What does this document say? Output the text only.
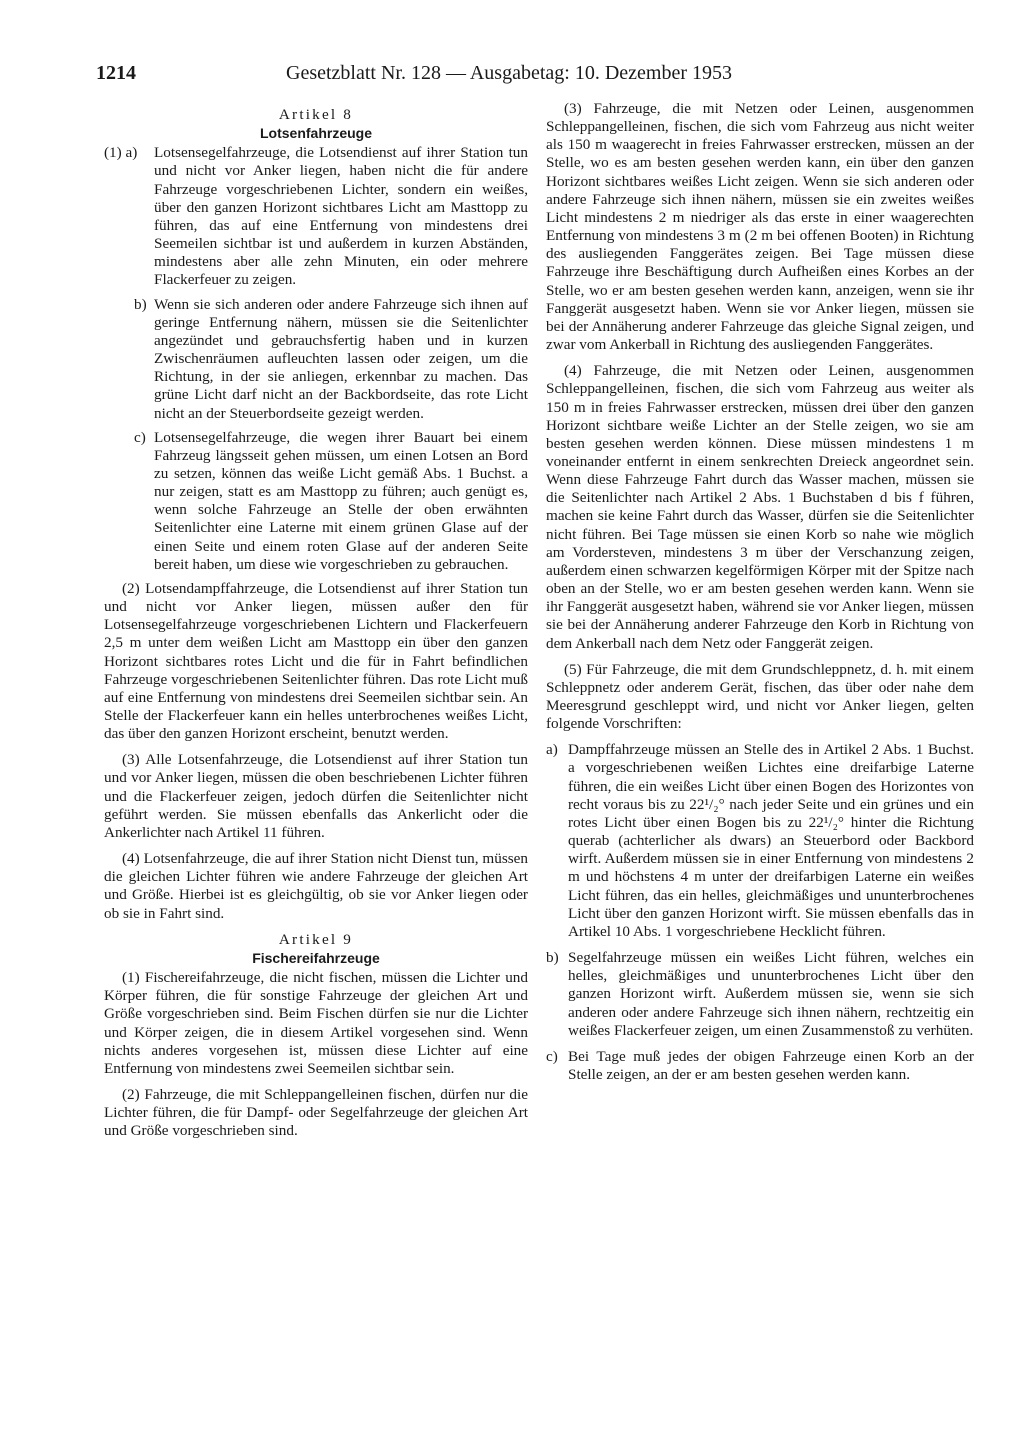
1214	Gesetzblatt Nr. 128 — Ausgabetag: 10. Dezember 1953
Artikel 8
Lotsenfahrzeuge
(1) a) Lotsensegelfahrzeuge, die Lotsendienst auf ihrer Station tun und nicht vor Anker liegen, haben nicht die für andere Fahrzeuge vorgeschriebenen Lichter, sondern ein weißes, über den ganzen Horizont sichtbares Licht am Masttopp zu führen, das auf eine Entfernung von mindestens drei Seemeilen sichtbar ist und außerdem in kurzen Abständen, mindestens aber alle zehn Minuten, ein oder mehrere Flackerfeuer zu zeigen.
b) Wenn sie sich anderen oder andere Fahrzeuge sich ihnen auf geringe Entfernung nähern, müssen sie die Seitenlichter angezündet und gebrauchsfertig haben und in kurzen Zwischenräumen aufleuchten lassen oder zeigen, um die Richtung, in der sie anliegen, erkennbar zu machen. Das grüne Licht darf nicht an der Backbordseite, das rote Licht nicht an der Steuerbordseite gezeigt werden.
c) Lotsensegelfahrzeuge, die wegen ihrer Bauart bei einem Fahrzeug längsseit gehen müssen, um einen Lotsen an Bord zu setzen, können das weiße Licht gemäß Abs. 1 Buchst. a nur zeigen, statt es am Masttopp zu führen; auch genügt es, wenn solche Fahrzeuge an Stelle der oben erwähnten Seitenlichter eine Laterne mit einem grünen Glase auf der einen Seite und einem roten Glase auf der anderen Seite bereit haben, um diese wie vorgeschrieben zu gebrauchen.

(2) Lotsendampffahrzeuge, die Lotsendienst auf ihrer Station tun und nicht vor Anker liegen, müssen außer den für Lotsensegelfahrzeuge vorgeschriebenen Lichtern und Flackerfeuern 2,5 m unter dem weißen Licht am Masttopp ein über den ganzen Horizont sichtbares rotes Licht und die für in Fahrt befindlichen Fahrzeuge vorgeschriebenen Seitenlichter führen. Das rote Licht muß auf eine Entfernung von mindestens drei Seemeilen sichtbar sein. An Stelle der Flackerfeuer kann ein helles unterbrochenes weißes Licht, das über den ganzen Horizont erscheint, benutzt werden.

(3) Alle Lotsenfahrzeuge, die Lotsendienst auf ihrer Station tun und vor Anker liegen, müssen die oben beschriebenen Lichter führen und die Flackerfeuer zeigen, jedoch dürfen die Seitenlichter nicht geführt werden. Sie müssen ebenfalls das Ankerlicht oder die Ankerlichter nach Artikel 11 führen.

(4) Lotsenfahrzeuge, die auf ihrer Station nicht Dienst tun, müssen die gleichen Lichter führen wie andere Fahrzeuge der gleichen Art und Größe. Hierbei ist es gleichgültig, ob sie vor Anker liegen oder ob sie in Fahrt sind.

Artikel 9
Fischereifahrzeuge

(1) Fischereifahrzeuge, die nicht fischen, müssen die Lichter und Körper führen, die für sonstige Fahrzeuge der gleichen Art und Größe vorgeschrieben sind. Beim Fischen dürfen sie nur die Lichter und Körper zeigen, die in diesem Artikel vorgesehen sind. Wenn nichts anderes vorgesehen ist, müssen diese Lichter auf eine Entfernung von mindestens zwei Seemeilen sichtbar sein.

(2) Fahrzeuge, die mit Schleppangelleinen fischen, dürfen nur die Lichter führen, die für Dampf- oder Segelfahrzeuge der gleichen Art und Größe vorgeschrieben sind.

(3) Fahrzeuge, die mit Netzen oder Leinen, ausgenommen Schleppangelleinen, fischen, die sich vom Fahrzeug aus nicht weiter als 150 m waagerecht in freies Fahrwasser erstrecken, müssen an der Stelle, wo es am besten gesehen werden kann, ein über den ganzen Horizont sichtbares weißes Licht zeigen. Wenn sie sich anderen oder andere Fahrzeuge sich ihnen nähern, müssen sie ein zweites weißes Licht mindestens 2 m niedriger als das erste in einer waagerechten Entfernung von mindestens 3 m (2 m bei offenen Booten) in Richtung des ausliegenden Fanggerätes zeigen. Bei Tage müssen diese Fahrzeuge ihre Beschäftigung durch Aufheißen eines Korbes an der Stelle, wo er am besten gesehen werden kann, anzeigen, wenn sie ihr Fanggerät ausgesetzt haben. Wenn sie vor Anker liegen, müssen sie bei der Annäherung anderer Fahrzeuge das gleiche Signal zeigen, und zwar vom Ankerball in Richtung des ausliegenden Fanggerätes.

(4) Fahrzeuge, die mit Netzen oder Leinen, ausgenommen Schleppangelleinen, fischen, die sich vom Fahrzeug aus weiter als 150 m in freies Fahrwasser erstrecken, müssen drei über den ganzen Horizont sichtbare weiße Lichter an der Stelle zeigen, wo sie am besten gesehen werden können. Diese müssen mindestens 1 m voneinander entfernt in einem senkrechten Dreieck angeordnet sein. Wenn diese Fahrzeuge Fahrt durch das Wasser machen, müssen sie die Seitenlichter nach Artikel 2 Abs. 1 Buchstaben d bis f führen, machen sie keine Fahrt durch das Wasser, dürfen sie die Seitenlichter nicht führen. Bei Tage müssen sie einen Korb so nahe wie möglich am Vordersteven, mindestens 3 m über der Verschanzung zeigen, außerdem einen schwarzen kegelförmigen Körper mit der Spitze nach oben an der Stelle, wo er am besten gesehen werden kann. Wenn sie ihr Fanggerät ausgesetzt haben, während sie vor Anker liegen, müssen sie bei der Annäherung anderer Fahrzeuge den Korb in Richtung von dem Ankerball nach dem Netz oder Fanggerät zeigen.

(5) Für Fahrzeuge, die mit dem Grundschleppnetz, d. h. mit einem Schleppnetz oder anderem Gerät, fischen, das über oder nahe dem Meeresgrund geschleppt wird, und nicht vor Anker liegen, gelten folgende Vorschriften:

a) Dampffahrzeuge müssen an Stelle des in Artikel 2 Abs. 1 Buchst. a vorgeschriebenen weißen Lichtes eine dreifarbige Laterne führen, die ein weißes Licht über einen Bogen des Horizontes von recht voraus bis zu 22¹/₂° nach jeder Seite und ein grünes und ein rotes Licht über einen Bogen bis zu 22¹/₂° hinter die Richtung querab (achterlicher als dwars) an Steuerbord oder Backbord wirft. Außerdem müssen sie in einer Entfernung von mindestens 2 m und höchstens 4 m unter der dreifarbigen Laterne ein weißes Licht führen, das ein helles, gleichmäßiges und ununterbrochenes Licht über den ganzen Horizont wirft. Sie müssen ebenfalls das in Artikel 10 Abs. 1 vorgeschriebene Hecklicht führen.
b) Segelfahrzeuge müssen ein weißes Licht führen, welches ein helles, gleichmäßiges und ununterbrochenes Licht über den ganzen Horizont wirft. Außerdem müssen sie, wenn sie sich anderen oder andere Fahrzeuge sich ihnen nähern, rechtzeitig ein weißes Flackerfeuer zeigen, um einen Zusammenstoß zu verhüten.
c) Bei Tage muß jedes der obigen Fahrzeuge einen Korb an der Stelle zeigen, an der er am besten gesehen werden kann.
